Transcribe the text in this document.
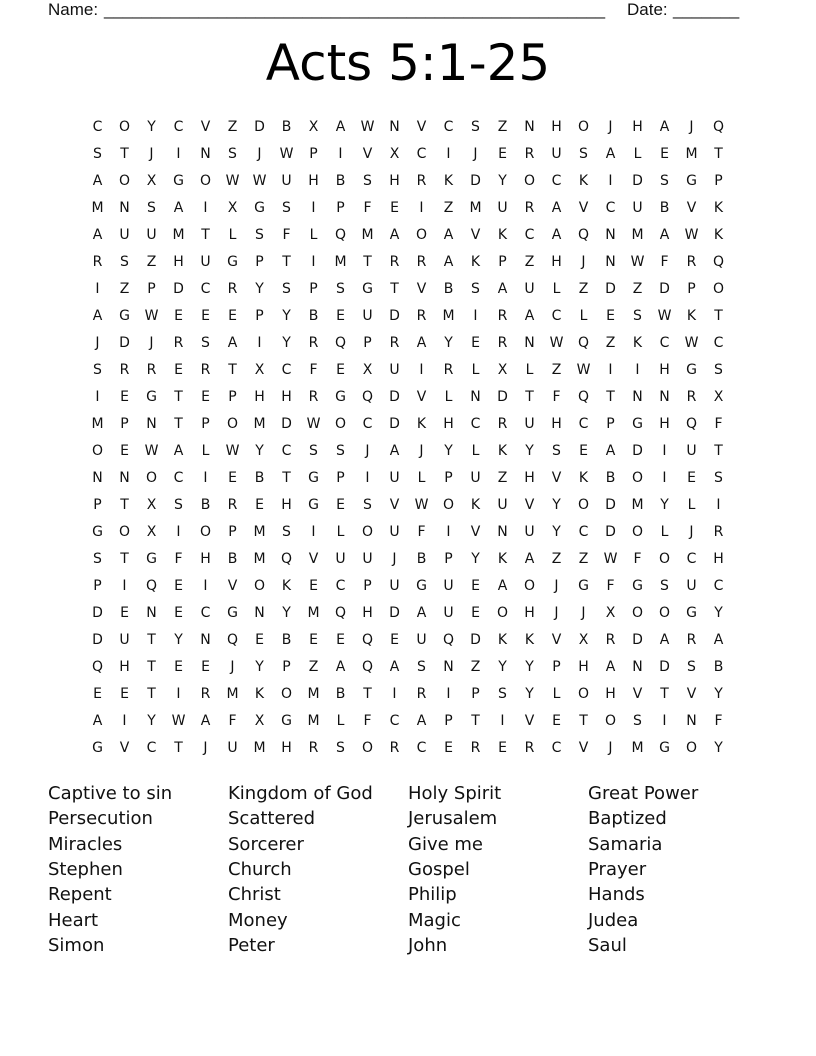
Name: _____________________________________________________ Date: _______
Acts 5:1-25
C	O	Y	C	V	Z	D	B	X	A	W	N	V	C	S	Z	N	H	O	J	H	A	J	Q
S	T	J	I	N	S	J	W	P	I	V	X	C	I	J	E	R	U	S	A	L	E	M	T
A	O	X	G	O	W W	U	H	B	S	H	R	K	D	Y	O	C	K	I	D	S	G	P
M	N	S	A	I	X	G	S	I	P	F	E	I	Z	M	U	R	A	V	C	U	B	V	K
A	U	U	M	T	L	S	F	L	Q	M	A	O	A	V	K	C	A	Q	N	M	A	W	K
R	S	Z	H	U	G	P	T	I	M	T	R	R	A	K	P	Z	H	J	N	W	F	R	Q
I	Z	P	D	C	R	Y	S	P	S	G	T	V	B	S	A	U	L	Z	D	Z	D	P	O
A	G	W	E	E	E	P	Y	B	E	U	D	R	M	I	R	A	C	L	E	S	W	K	T
J	D	J	R	S	A	I	Y	R	Q	P	R	A	Y	E	R	N	W	Q	Z	K	C	W	C
S	R	R	E	R	T	X	C	F	E	X	U	I	R	L	X	L	Z	W	I	I	H	G	S
I	E	G	T	E	P	H	H	R	G	Q	D	V	L	N	D	T	F	Q	T	N	N	R	X
M	P	N	T	P	O	M	D	W	O	C	D	K	H	C	R	U	H	C	P	G	H	Q	F
O	E	W	A	L	W	Y	C	S	S	J	A	J	Y	L	K	Y	S	E	A	D	I	U	T
N	N	O	C	I	E	B	T	G	P	I	U	L	P	U	Z	H	V	K	B	O	I	E	S
P	T	X	S	B	R	E	H	G	E	S	V	W	O	K	U	V	Y	O	D	M	Y	L	I
G	O	X	I	O	P	M	S	I	L	O	U	F	I	V	N	U	Y	C	D	O	L	J	R
S	T	G	F	H	B	M	Q	V	U	U	J	B	P	Y	K	A	Z	Z	W	F	O	C	H
P	I	Q	E	I	V	O	K	E	C	P	U	G	U	E	A	O	J	G	F	G	S	U	C
D	E	N	E	C	G	N	Y	M	Q	H	D	A	U	E	O	H	J	J	X	O	O	G	Y
D	U	T	Y	N	Q	E	B	E	E	Q	E	U	Q	D	K	K	V	X	R	D	A	R	A
Q	H	T	E	E	J	Y	P	Z	A	Q	A	S	N	Z	Y	Y	P	H	A	N	D	S	B
E	E	T	I	R	M	K	O	M	B	T	I	R	I	P	S	Y	L	O	H	V	T	V	Y
A	I	Y	W	A	F	X	G	M	L	F	C	A	P	T	I	V	E	T	O	S	I	N	F
G	V	C	T	J	U	M	H	R	S	O	R	C	E	R	E	R	C	V	J	M	G	O	Y
Captive to sin	Kingdom of God	Holy Spirit	Great Power
Persecution	Scattered	Jerusalem	Baptized
Miracles	Sorcerer	Give me	Samaria
Stephen	Church	Gospel	Prayer
Repent	Christ	Philip	Hands
Heart	Money	Magic	Judea
Simon	Peter	John	Saul
